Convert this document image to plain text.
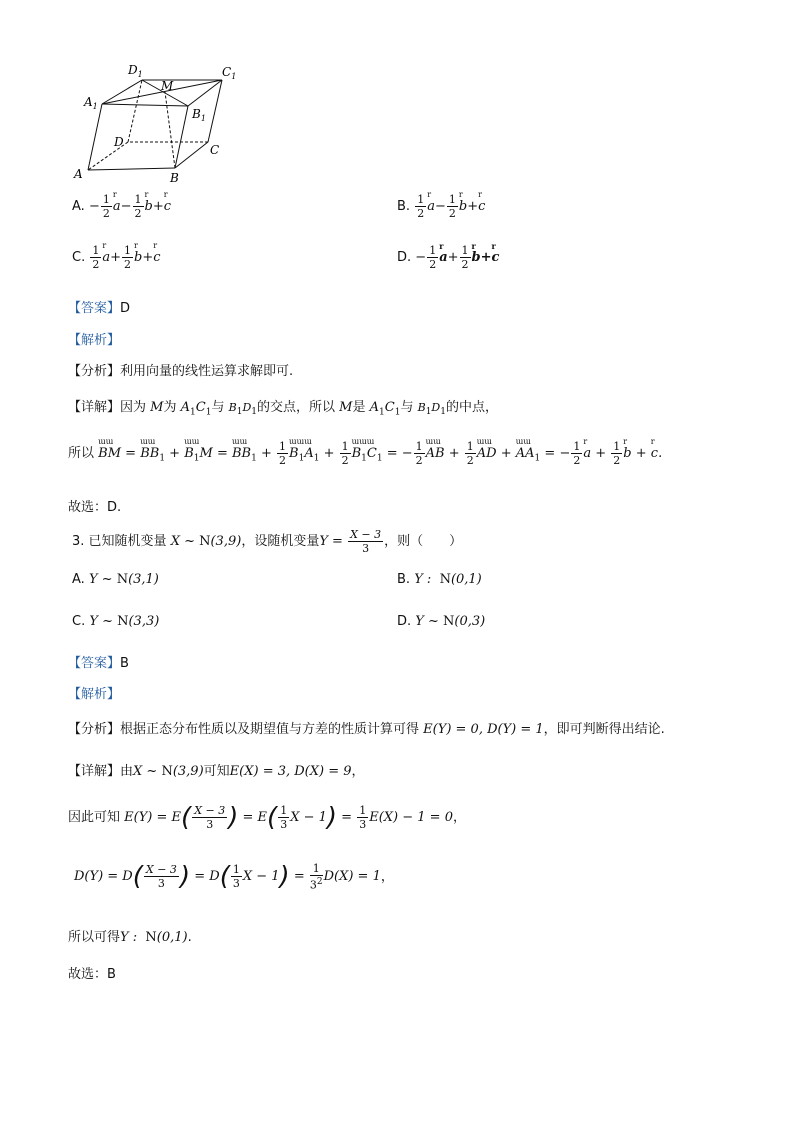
$D_1$	$C_1$
M
$A_1$
$B_1$
D
C
A	B
A. − $\frac{1}{2}$ a
r
− $\frac{1}{2}$ b
r
+c
r
B. $\frac{1}{2}$ a
r
− $\frac{1}{2}$ b
r
+c
r
C. $\frac{1}{2}$ a
r
+ $\frac{1}{2}$ b
r
+c
r
D. − $\frac{1}{2}$ a
r
+ $\frac{1}{2}$ b
r
+c
r
【答案】D
【解析】
【分析】利用向量的线性运算求解即可.
【详解】因为 M为 $A_1C_1$与 $B_1D_1$的交点，所以 M是 $A_1C_1$与 $B_1D_1$的中点，
所以 BM
ɯɯ
= $BB_1$
ɯɯ
+ $B_1M$
ɯɯ
= $BB_1$
ɯɯ
+ $\frac{1}{2} B_1A_1$
ɯɯɯ
+ $\frac{1}{2} B_1C_1$
ɯɯɯ
= − $\frac{1}{2}$ AB
ɯɯ
+ $\frac{1}{2}$ AD
ɯɯ
+ $AA_1$
ɯɯ
= − $\frac{1}{2}$ a
r
+ $\frac{1}{2}$ b
r
+ c
r
.
故选：D.
3. 已知随机变量 X ~ N(3,9)，设随机变量$Y = \frac{X - 3}{3}$ ，则（　　）
A. Y ~ N(3,1)	B. Y :  N(0,1)
C. Y ~ N(3,3)	D. Y ~ N(0,3)
【答案】B
【解析】
【分析】根据正态分布性质以及期望值与方差的性质计算可得 E(Y) = 0, D(Y) = 1，即可判断得出结论.
【详解】由X ~ N(3,9)可知E(X) = 3, D(X) = 9，
因此可知 $E(Y) = E( \frac{X - 3}{3}$ ) = $E( \frac{1}{3}$ $X - 1) = \frac{1}{3} E(X) - 1 = 0$，
$D(Y) = D( \frac{X - 3}{3}$ ) = $D( \frac{1}{3}$ $X - 1) = \frac{1}{3^2} D(X) = 1$，
所以可得Y :  N(0,1).
故选：B
